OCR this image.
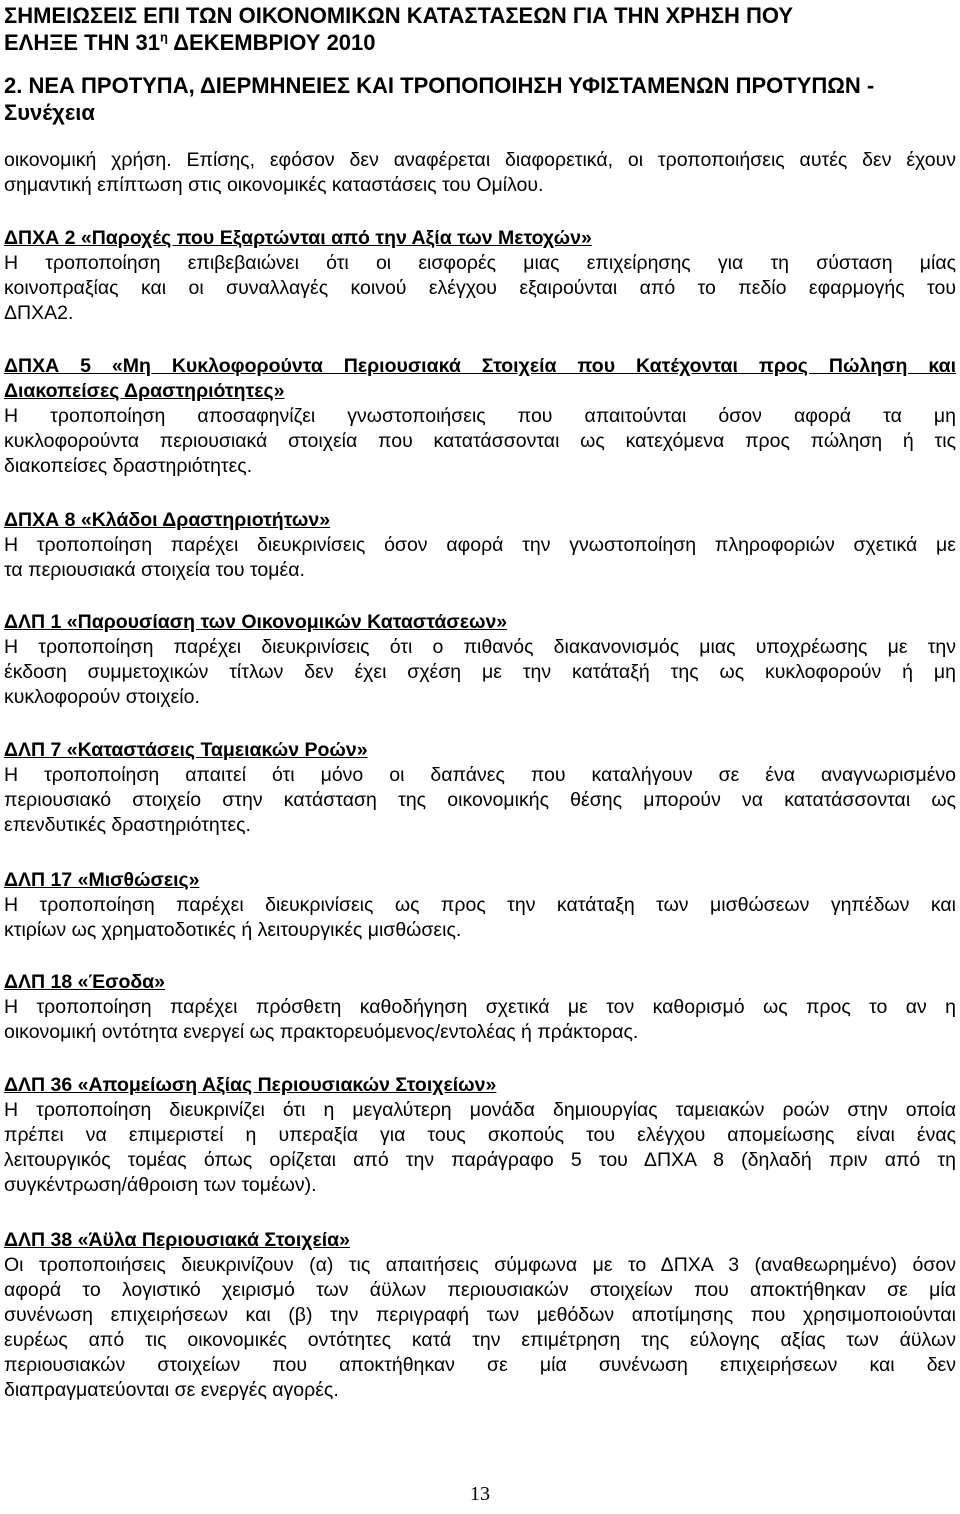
ΣΗΜΕΙΩΣΕΙΣ ΕΠΙ ΤΩΝ ΟΙΚΟΝΟΜΙΚΩΝ ΚΑΤΑΣΤΑΣΕΩΝ ΓΙΑ ΤΗΝ ΧΡΗΣΗ ΠΟΥ
ΕΛΗΞΕ ΤΗΝ $31^\eta$ ΔΕΚΕΜΒΡΙΟΥ 2010
2. ΝΕΑ ΠΡΟΤΥΠΑ, ΔΙΕΡΜΗΝΕΙΕΣ ΚΑΙ ΤΡΟΠΟΠΟΙΗΣΗ ΥΦΙΣΤΑΜΕΝΩΝ ΠΡΟΤΥΠΩΝ -
Συνέχεια
οικονομική χρήση. Επίσης, εφόσον δεν αναφέρεται διαφορετικά, οι τροποποιήσεις αυτές δεν έχουν
σημαντική επίπτωση στις οικονομικές καταστάσεις του Ομίλου.
ΔΠΧΑ 2 «Παροχές που Εξαρτώνται από την Αξία των Μετοχών»
Η τροποποίηση επιβεβαιώνει ότι οι εισφορές μιας επιχείρησης για τη σύσταση μίας
κοινοπραξίας και οι συναλλαγές κοινού ελέγχου εξαιρούνται από το πεδίο εφαρμογής του
ΔΠΧΑ2.
ΔΠΧΑ 5 «Μη Κυκλοφορούντα Περιουσιακά Στοιχεία που Κατέχονται προς Πώληση και
Διακοπείσες Δραστηριότητες»
Η τροποποίηση αποσαφηνίζει γνωστοποιήσεις που απαιτούνται όσον αφορά τα μη
κυκλοφορούντα περιουσιακά στοιχεία που κατατάσσονται ως κατεχόμενα προς πώληση ή τις
διακοπείσες δραστηριότητες.
ΔΠΧΑ 8 «Κλάδοι Δραστηριοτήτων»
Η τροποποίηση παρέχει διευκρινίσεις όσον αφορά την γνωστοποίηση πληροφοριών σχετικά με
τα περιουσιακά στοιχεία του τομέα.
ΔΛΠ 1 «Παρουσίαση των Οικονομικών Καταστάσεων»
Η τροποποίηση παρέχει διευκρινίσεις ότι ο πιθανός διακανονισμός μιας υποχρέωσης με την
έκδοση συμμετοχικών τίτλων δεν έχει σχέση με την κατάταξή της ως κυκλοφορούν ή μη
κυκλοφορούν στοιχείο.
ΔΛΠ 7 «Καταστάσεις Ταμειακών Ροών»
Η τροποποίηση απαιτεί ότι μόνο οι δαπάνες που καταλήγουν σε ένα αναγνωρισμένο
περιουσιακό στοιχείο στην κατάσταση της οικονομικής θέσης μπορούν να κατατάσσονται ως
επενδυτικές δραστηριότητες.
ΔΛΠ 17 «Μισθώσεις»
Η τροποποίηση παρέχει διευκρινίσεις ως προς την κατάταξη των μισθώσεων γηπέδων και
κτιρίων ως χρηματοδοτικές ή λειτουργικές μισθώσεις.
ΔΛΠ 18 «Έσοδα»
Η τροποποίηση παρέχει πρόσθετη καθοδήγηση σχετικά με τον καθορισμό ως προς το αν η
οικονομική οντότητα ενεργεί ως πρακτορευόμενος/εντολέας ή πράκτορας.
ΔΛΠ 36 «Απομείωση Αξίας Περιουσιακών Στοιχείων»
Η τροποποίηση διευκρινίζει ότι η μεγαλύτερη μονάδα δημιουργίας ταμειακών ροών στην οποία
πρέπει να επιμεριστεί η υπεραξία για τους σκοπούς του ελέγχου απομείωσης είναι ένας
λειτουργικός τομέας όπως ορίζεται από την παράγραφο 5 του ΔΠΧΑ 8 (δηλαδή πριν από τη
συγκέντρωση/άθροιση των τομέων).
ΔΛΠ 38 «Άϋλα Περιουσιακά Στοιχεία»
Οι τροποποιήσεις διευκρινίζουν (α) τις απαιτήσεις σύμφωνα με το ΔΠΧΑ 3 (αναθεωρημένο) όσον
αφορά το λογιστικό χειρισμό των άϋλων περιουσιακών στοιχείων που αποκτήθηκαν σε μία
συνένωση επιχειρήσεων και (β) την περιγραφή των μεθόδων αποτίμησης που χρησιμοποιούνται
ευρέως από τις οικονομικές οντότητες κατά την επιμέτρηση της εύλογης αξίας των άϋλων
περιουσιακών στοιχείων που αποκτήθηκαν σε μία συνένωση επιχειρήσεων και δεν
διαπραγματεύονται σε ενεργές αγορές.
13
